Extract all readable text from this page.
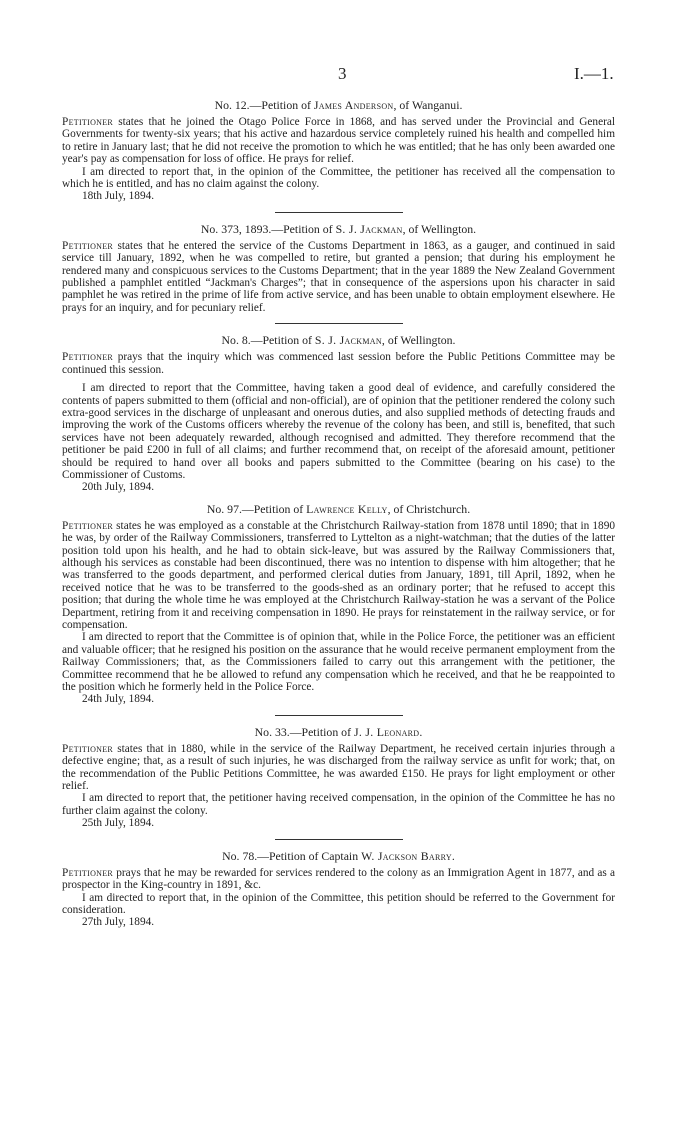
3	I.—1.
No. 12.—Petition of James Anderson, of Wanganui.

Petitioner states that he joined the Otago Police Force in 1868, and has served under the Provincial and General Governments for twenty-six years; that his active and hazardous service completely ruined his health and compelled him to retire in January last; that he did not receive the promotion to which he was entitled; that he has only been awarded one year's pay as compensation for loss of office. He prays for relief.

I am directed to report that, in the opinion of the Committee, the petitioner has received all the compensation to which he is entitled, and has no claim against the colony.

18th July, 1894.

No. 373, 1893.—Petition of S. J. Jackman, of Wellington.

Petitioner states that he entered the service of the Customs Department in 1863, as a gauger, and continued in said service till January, 1892, when he was compelled to retire, but granted a pension; that during his employment he rendered many and conspicuous services to the Customs Department; that in the year 1889 the New Zealand Government published a pamphlet entitled “Jackman's Charges”; that in consequence of the aspersions upon his character in said pamphlet he was retired in the prime of life from active service, and has been unable to obtain employment elsewhere. He prays for an inquiry, and for pecuniary relief.

No. 8.—Petition of S. J. Jackman, of Wellington.

Petitioner prays that the inquiry which was commenced last session before the Public Petitions Committee may be continued this session.

I am directed to report that the Committee, having taken a good deal of evidence, and carefully considered the contents of papers submitted to them (official and non-official), are of opinion that the petitioner rendered the colony such extra-good services in the discharge of unpleasant and onerous duties, and also supplied methods of detecting frauds and improving the work of the Customs officers whereby the revenue of the colony has been, and still is, benefited, that such services have not been adequately rewarded, although recognised and admitted. They therefore recommend that the petitioner be paid £200 in full of all claims; and further recommend that, on receipt of the aforesaid amount, petitioner should be required to hand over all books and papers submitted to the Committee (bearing on his case) to the Commissioner of Customs.

20th July, 1894.

No. 97.—Petition of Lawrence Kelly, of Christchurch.

Petitioner states he was employed as a constable at the Christchurch Railway-station from 1878 until 1890; that in 1890 he was, by order of the Railway Commissioners, transferred to Lyttelton as a night-watchman; that the duties of the latter position told upon his health, and he had to obtain sick-leave, but was assured by the Railway Commissioners that, although his services as constable had been discontinued, there was no intention to dispense with him altogether; that he was transferred to the goods department, and performed clerical duties from January, 1891, till April, 1892, when he received notice that he was to be transferred to the goods-shed as an ordinary porter; that he refused to accept this position; that during the whole time he was employed at the Christchurch Railway-station he was a servant of the Police Department, retiring from it and receiving compensation in 1890. He prays for reinstatement in the railway service, or for compensation.

I am directed to report that the Committee is of opinion that, while in the Police Force, the petitioner was an efficient and valuable officer; that he resigned his position on the assurance that he would receive permanent employment from the Railway Commissioners; that, as the Commissioners failed to carry out this arrangement with the petitioner, the Committee recommend that he be allowed to refund any compensation which he received, and that he be reappointed to the position which he formerly held in the Police Force.

24th July, 1894.

No. 33.—Petition of J. J. Leonard.

Petitioner states that in 1880, while in the service of the Railway Department, he received certain injuries through a defective engine; that, as a result of such injuries, he was discharged from the railway service as unfit for work; that, on the recommendation of the Public Petitions Committee, he was awarded £150. He prays for light employment or other relief.

I am directed to report that, the petitioner having received compensation, in the opinion of the Committee he has no further claim against the colony.

25th July, 1894.

No. 78.—Petition of Captain W. Jackson Barry.

Petitioner prays that he may be rewarded for services rendered to the colony as an Immigration Agent in 1877, and as a prospector in the King-country in 1891, &c.

I am directed to report that, in the opinion of the Committee, this petition should be referred to the Government for consideration.

27th July, 1894.
